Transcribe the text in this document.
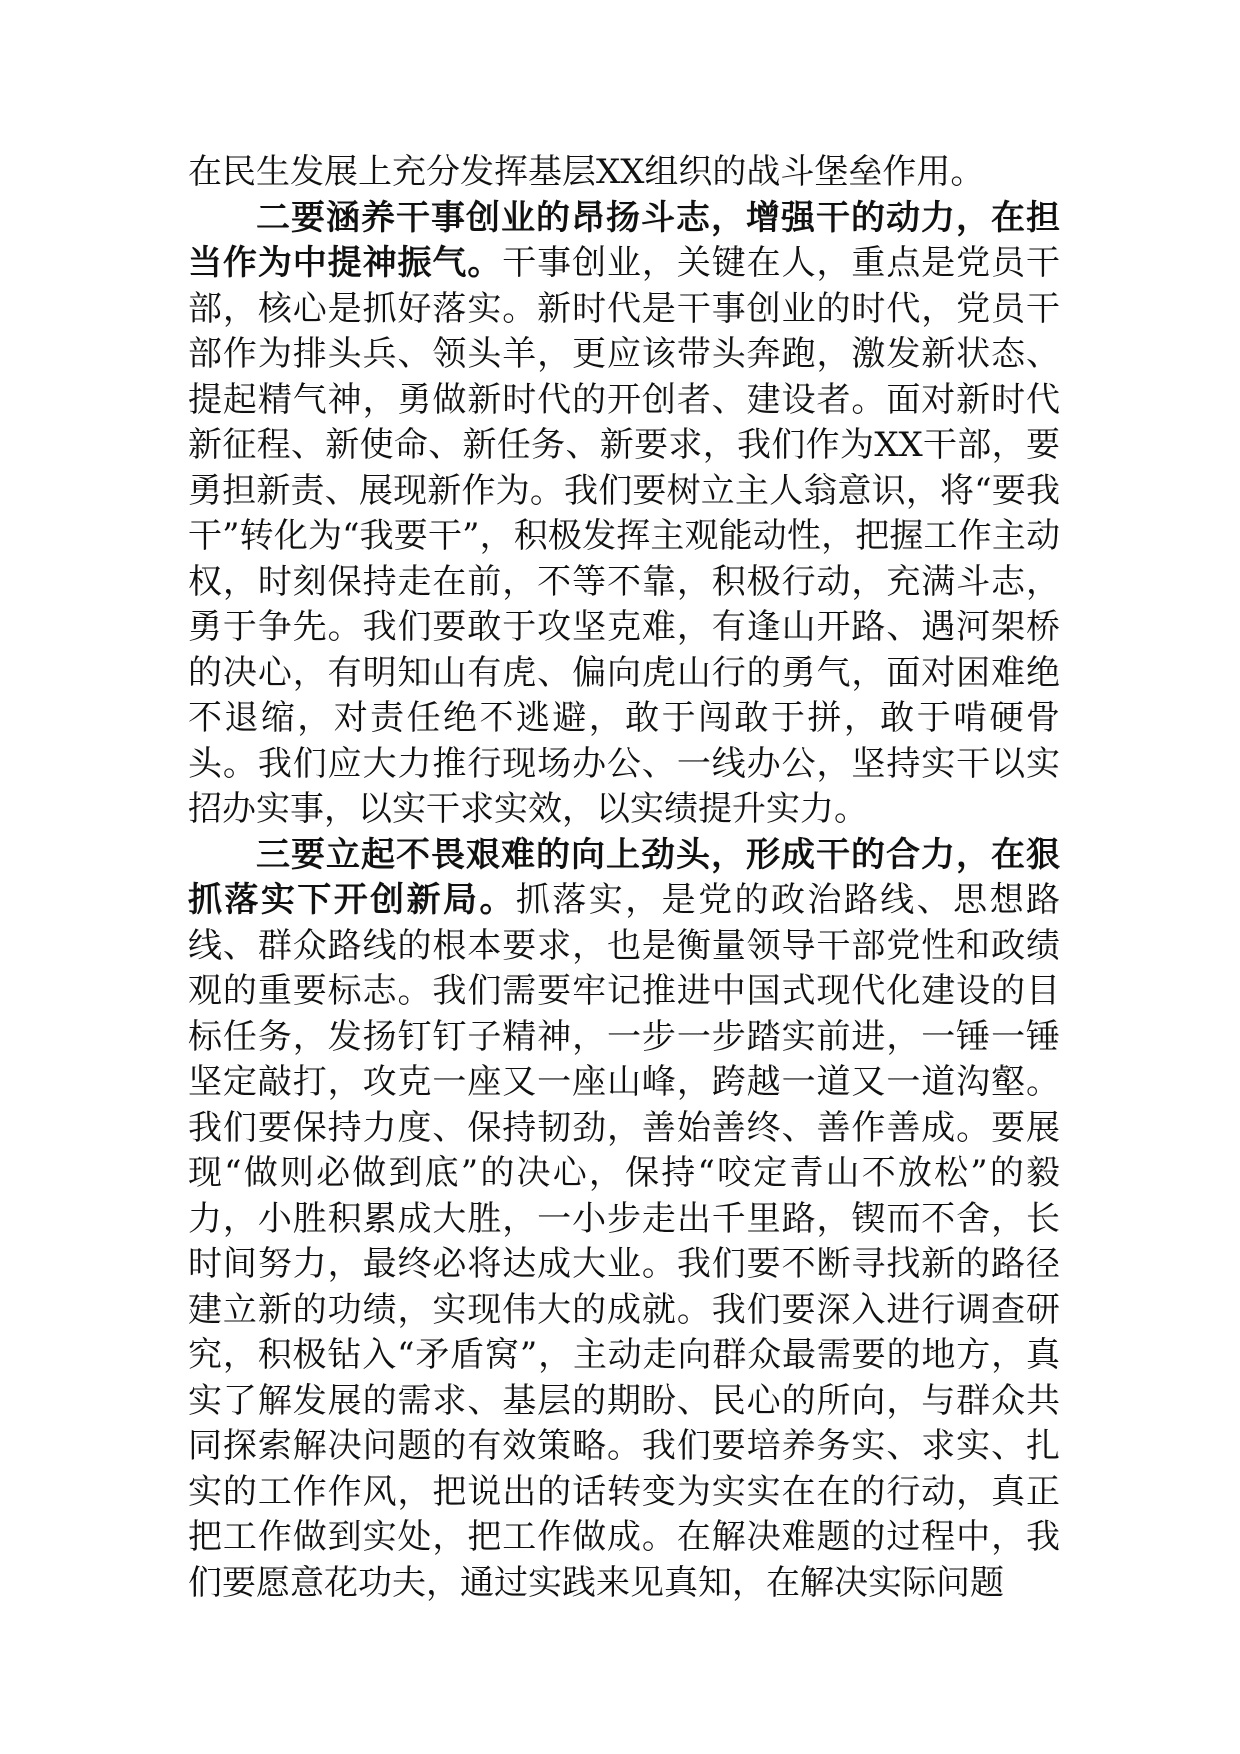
在民生发展上充分发挥基层XX组织的战斗堡垒作用。

二要涵养干事创业的昂扬斗志，增强干的动力，在担当作为中提神振气。干事创业，关键在人，重点是党员干部，核心是抓好落实。新时代是干事创业的时代，党员干部作为排头兵、领头羊，更应该带头奔跑，激发新状态、提起精气神，勇做新时代的开创者、建设者。面对新时代新征程、新使命、新任务、新要求，我们作为XX干部，要勇担新责、展现新作为。我们要树立主人翁意识，将“要我干”转化为“我要干”，积极发挥主观能动性，把握工作主动权，时刻保持走在前，不等不靠，积极行动，充满斗志，勇于争先。我们要敢于攻坚克难，有逢山开路、遇河架桥的决心，有明知山有虎、偏向虎山行的勇气，面对困难绝不退缩，对责任绝不逃避，敢于闯敢于拼，敢于啃硬骨头。我们应大力推行现场办公、一线办公，坚持实干以实招办实事，以实干求实效，以实绩提升实力。

三要立起不畏艰难的向上劲头，形成干的合力，在狠抓落实下开创新局。抓落实，是党的政治路线、思想路线、群众路线的根本要求，也是衡量领导干部党性和政绩观的重要标志。我们需要牢记推进中国式现代化建设的目标任务，发扬钉钉子精神，一步一步踏实前进，一锤一锤坚定敲打，攻克一座又一座山峰，跨越一道又一道沟壑。我们要保持力度、保持韧劲，善始善终、善作善成。要展现“做则必做到底”的决心，保持“咬定青山不放松”的毅力，小胜积累成大胜，一小步走出千里路，锲而不舍，长时间努力，最终必将达成大业。我们要不断寻找新的路径建立新的功绩，实现伟大的成就。我们要深入进行调查研究，积极钻入“矛盾窝”，主动走向群众最需要的地方，真实了解发展的需求、基层的期盼、民心的所向，与群众共同探索解决问题的有效策略。我们要培养务实、求实、扎实的工作作风，把说出的话转变为实实在在的行动，真正把工作做到实处，把工作做成。在解决难题的过程中，我们要愿意花功夫，通过实践来见真知，在解决实际问题
